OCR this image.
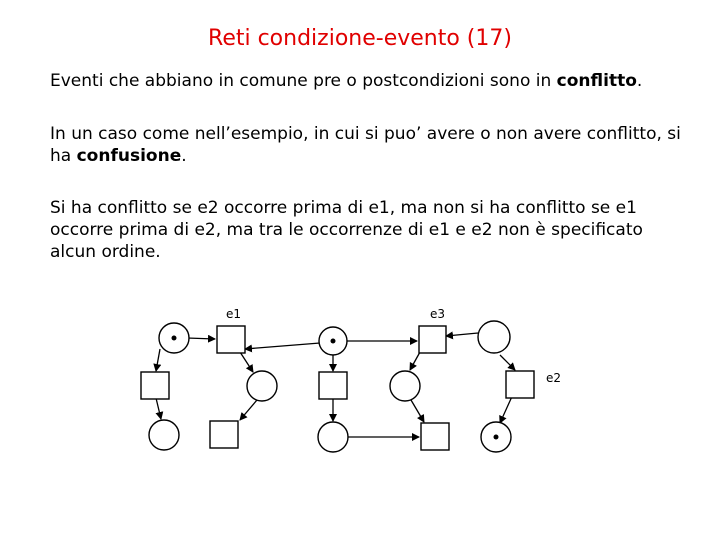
Reti condizione-evento (17)

Eventi che abbiano in comune pre o postcondizioni sono in conflitto.

In un caso come nell’esempio, in cui si puo’ avere o non avere conflitto, si ha confusione.

Si ha conflitto se e2 occorre prima di e1, ma non si ha conflitto se e1 occorre prima di e2, ma tra le occorrenze di e1 e e2 non è specificato alcun ordine.

e1	e3
e2
